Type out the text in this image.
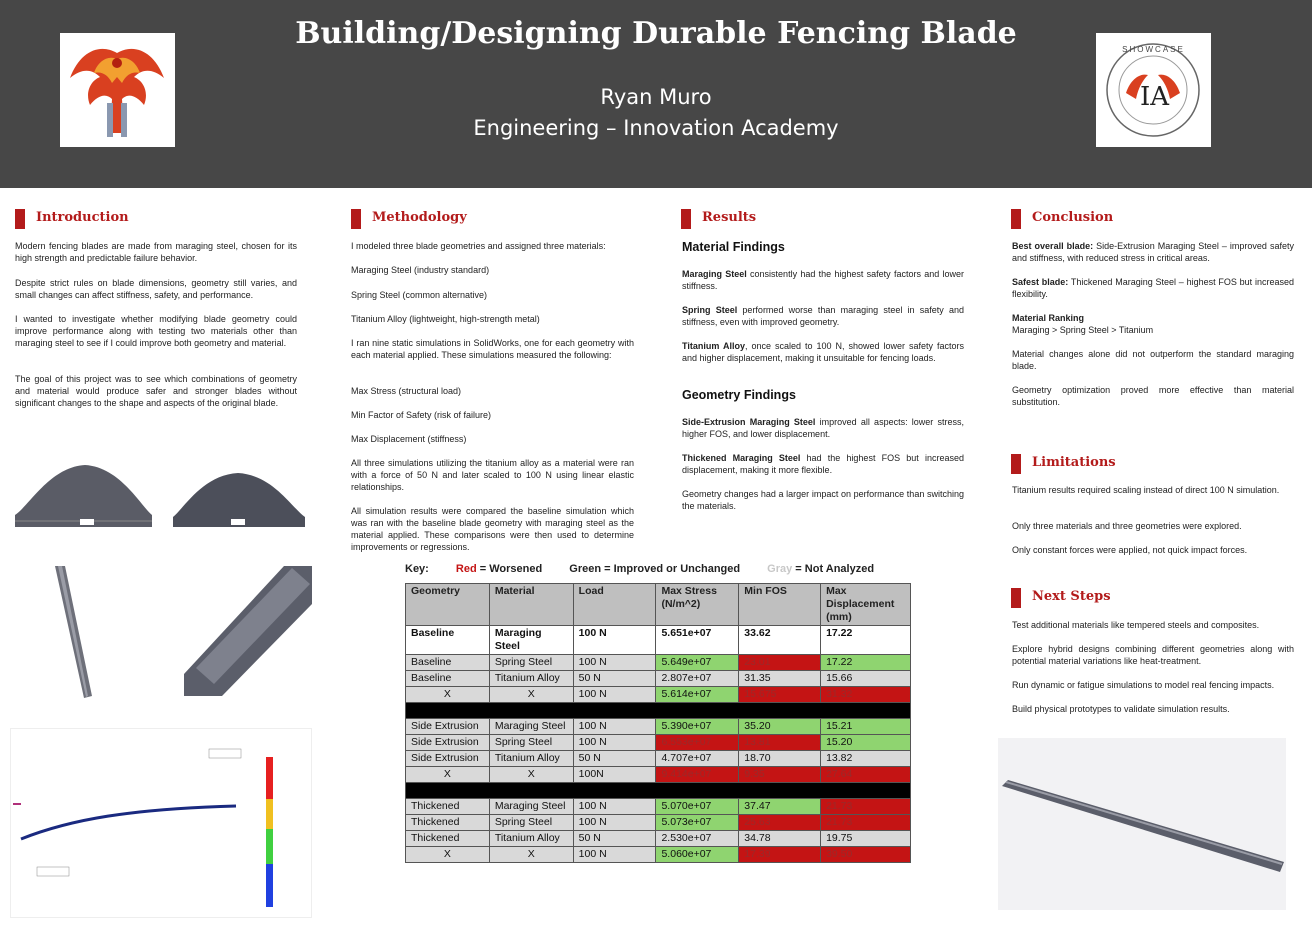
Building/Designing Durable Fencing Blade
Ryan Muro
Engineering – Innovation Academy
IA
SHOWCASE
Introduction
Modern fencing blades are made from maraging steel, chosen for its high strength and predictable failure behavior.
Despite strict rules on blade dimensions, geometry still varies, and small changes can affect stiffness, safety, and performance.
I wanted to investigate whether modifying blade geometry could improve performance along with testing two materials other than maraging steel to see if I could improve both geometry and material.
The goal of this project was to see which combinations of geometry and material would produce safer and stronger blades without significant changes to the shape and aspects of the original blade.
Methodology
I modeled three blade geometries and assigned three materials:
Maraging Steel (industry standard)
Spring Steel (common alternative)
Titanium Alloy (lightweight, high-strength metal)
I ran nine static simulations in SolidWorks, one for each geometry with each material applied. These simulations measured the following:
Max Stress (structural load)
Min Factor of Safety (risk of failure)
Max Displacement (stiffness)
All three simulations utilizing the titanium alloy as a material were ran with a force of 50 N and later scaled to 100 N using linear elastic relationships.
All simulation results were compared the baseline simulation which was ran with the baseline blade geometry with maraging steel as the material applied. These comparisons were then used to determine improvements or regressions.
Results
Material Findings
Maraging Steel consistently had the highest safety factors and lower stiffness.
Spring Steel performed worse than maraging steel in safety and stiffness, even with improved geometry.
Titanium Alloy, once scaled to 100 N, showed lower safety factors and higher displacement, making it unsuitable for fencing loads.
Geometry Findings
Side-Extrusion Maraging Steel improved all aspects: lower stress, higher FOS, and lower displacement.
Thickened Maraging Steel had the highest FOS but increased displacement, making it more flexible.
Geometry changes had a larger impact on performance than switching the materials.
Conclusion
Best overall blade: Side-Extrusion Maraging Steel – improved safety and stiffness, with reduced stress in critical areas.
Safest blade: Thickened Maraging Steel – highest FOS but increased flexibility.
Material Ranking
Maraging > Spring Steel > Titanium
Material changes alone did not outperform the standard maraging blade.
Geometry optimization proved more effective than material substitution.
Limitations
Titanium results required scaling instead of direct 100 N simulation.
Only three materials and three geometries were explored.
Only constant forces were applied, not quick impact forces.
Next Steps
Test additional materials like tempered steels and composites.
Explore hybrid designs combining different geometries along with potential material variations like heat-treatment.
Run dynamic or fatigue simulations to model real fencing impacts.
Build physical prototypes to validate simulation results.
Key: Red = Worsened Green = Improved or Unchanged Gray = Not Analyzed
Geometry	Material	Load	Max Stress (N/m^2)	Min FOS	Max Displacement (mm)
Baseline	Maraging Steel	100 N	5.651e+07	33.62	17.22
Baseline	Spring Steel	100 N	5.649e+07	23.01	17.22
Baseline	Titanium Alloy	50 N	2.807e+07	31.35	15.66
X	X	100 N	5.614e+07	15.675	31.32

Side Extrusion	Maraging Steel	100 N	5.390e+07	35.20	15.21
Side Extrusion	Spring Steel	100 N	6.553e+07	13.81	15.20
Side Extrusion	Titanium Alloy	50 N	4.707e+07	18.70	13.82
X	X	100N	9.414e+07	9.35	27.64

Thickened	Maraging Steel	100 N	5.070e+07	37.47	21.73
Thickened	Spring Steel	100 N	5.073e+07	25.63	21.73
Thickened	Titanium Alloy	50 N	2.530e+07	34.78	19.75
X	X	100 N	5.060e+07	17.39	39.50
